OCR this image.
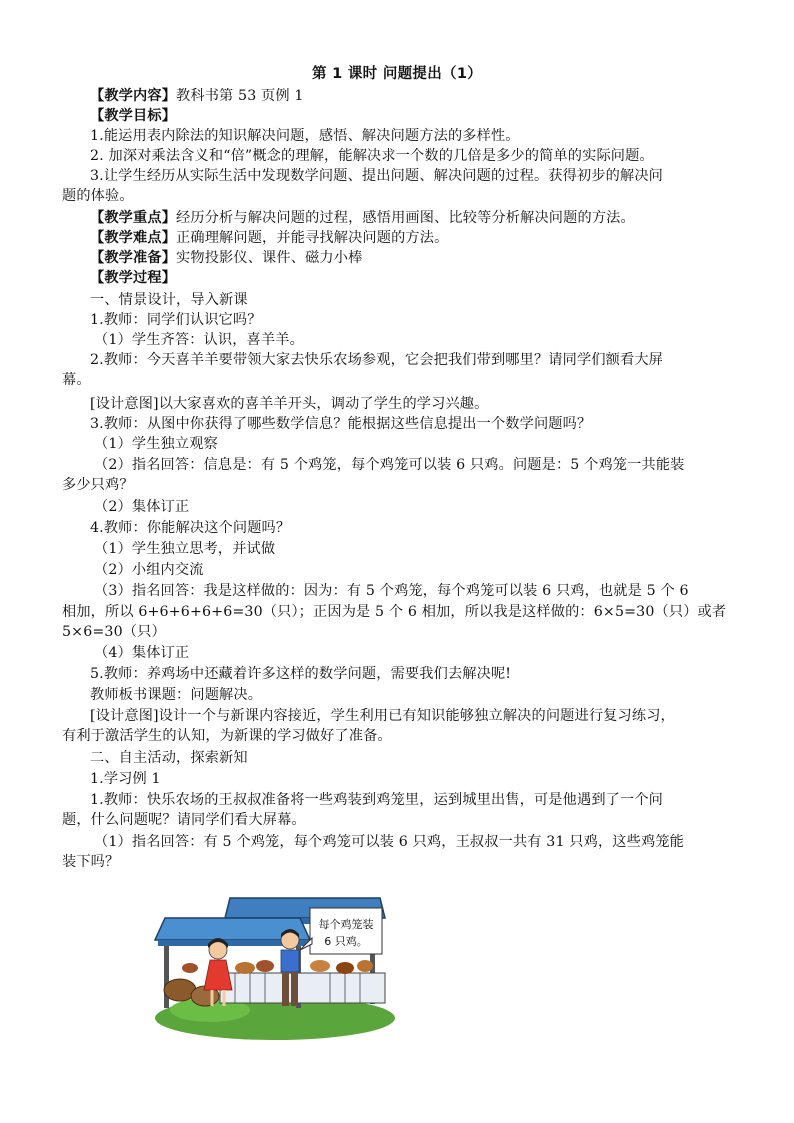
第 1 课时 问题提出（1）
【教学内容】教科书第 53 页例 1
【教学目标】
1.能运用表内除法的知识解决问题，感悟、解决问题方法的多样性。
2. 加深对乘法含义和“倍”概念的理解，能解决求一个数的几倍是多少的简单的实际问题。
3.让学生经历从实际生活中发现数学问题、提出问题、解决问题的过程。获得初步的解决问
题的体验。
【教学重点】经历分析与解决问题的过程，感悟用画图、比较等分析解决问题的方法。
【教学难点】正确理解问题，并能寻找解决问题的方法。
【教学准备】实物投影仪、课件、磁力小棒
【教学过程】
一、情景设计，导入新课
1.教师：同学们认识它吗？
（1）学生齐答：认识，喜羊羊。
2.教师：今天喜羊羊要带领大家去快乐农场参观，它会把我们带到哪里？请同学们额看大屏
幕。
[设计意图]以大家喜欢的喜羊羊开头，调动了学生的学习兴趣。
3.教师：从图中你获得了哪些数学信息？能根据这些信息提出一个数学问题吗？
（1）学生独立观察
（2）指名回答：信息是：有 5 个鸡笼，每个鸡笼可以装 6 只鸡。问题是：5 个鸡笼一共能装
多少只鸡？
（2）集体订正
4.教师：你能解决这个问题吗？
（1）学生独立思考，并试做
（2）小组内交流
（3）指名回答：我是这样做的：因为：有 5 个鸡笼，每个鸡笼可以装 6 只鸡，也就是 5 个 6
相加，所以 6+6+6+6+6=30（只）；正因为是 5 个 6 相加，所以我是这样做的：6×5=30（只）或者
5×6=30（只）
（4）集体订正
5.教师：养鸡场中还藏着许多这样的数学问题，需要我们去解决呢!
教师板书课题：问题解决。
[设计意图]设计一个与新课内容接近，学生利用已有知识能够独立解决的问题进行复习练习，
有利于激活学生的认知，为新课的学习做好了准备。
二、自主活动，探索新知
1.学习例 1
1.教师：快乐农场的王叔叔准备将一些鸡装到鸡笼里，运到城里出售，可是他遇到了一个问
题，什么问题呢？请同学们看大屏幕。
（1）指名回答：有 5 个鸡笼，每个鸡笼可以装 6 只鸡，王叔叔一共有 31 只鸡，这些鸡笼能
装下吗？
每个鸡笼装
6 只鸡。
